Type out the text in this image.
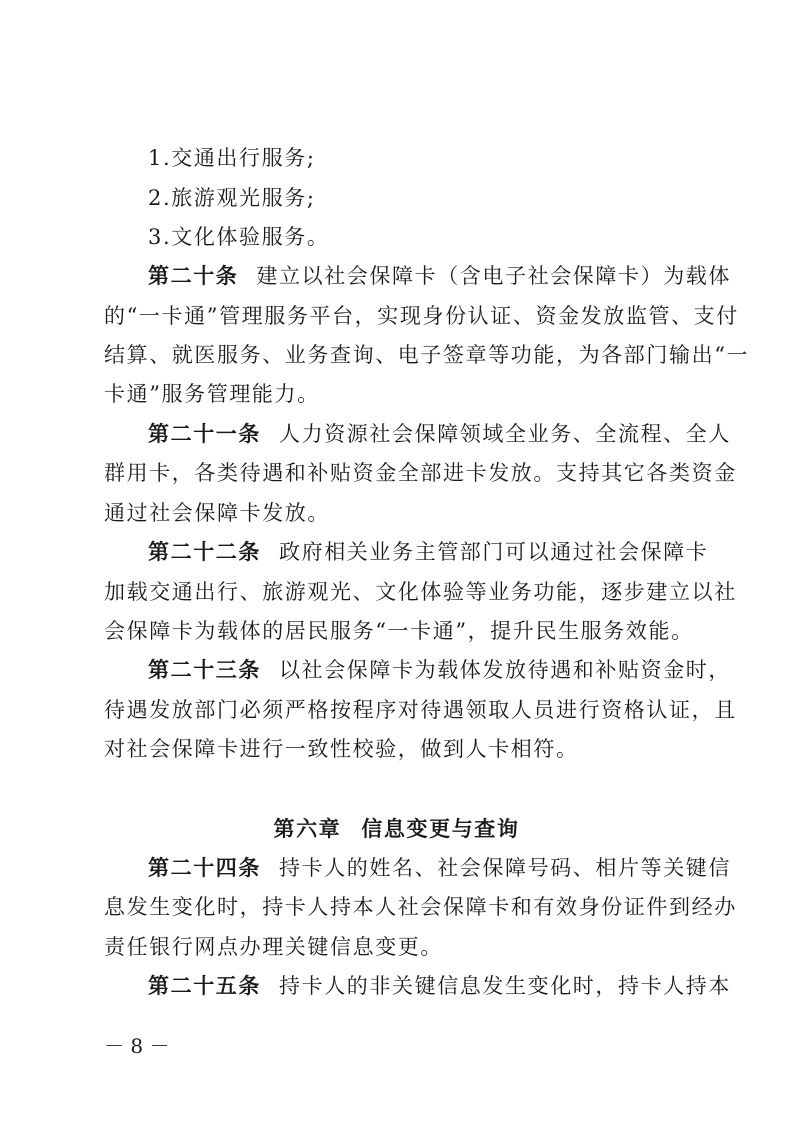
1.交通出行服务;
2.旅游观光服务;
3.文化体验服务。
第二十条 建立以社会保障卡（含电子社会保障卡）为载体
的“一卡通”管理服务平台，实现身份认证、资金发放监管、支付
结算、就医服务、业务查询、电子签章等功能，为各部门输出“一
卡通”服务管理能力。
第二十一条 人力资源社会保障领域全业务、全流程、全人
群用卡，各类待遇和补贴资金全部进卡发放。支持其它各类资金
通过社会保障卡发放。
第二十二条 政府相关业务主管部门可以通过社会保障卡
加载交通出行、旅游观光、文化体验等业务功能，逐步建立以社
会保障卡为载体的居民服务“一卡通”，提升民生服务效能。
第二十三条 以社会保障卡为载体发放待遇和补贴资金时，
待遇发放部门必须严格按程序对待遇领取人员进行资格认证，且
对社会保障卡进行一致性校验，做到人卡相符。
第六章 信息变更与查询
第二十四条 持卡人的姓名、社会保障号码、相片等关键信
息发生变化时，持卡人持本人社会保障卡和有效身份证件到经办
责任银行网点办理关键信息变更。
第二十五条 持卡人的非关键信息发生变化时，持卡人持本
－ 8 －
